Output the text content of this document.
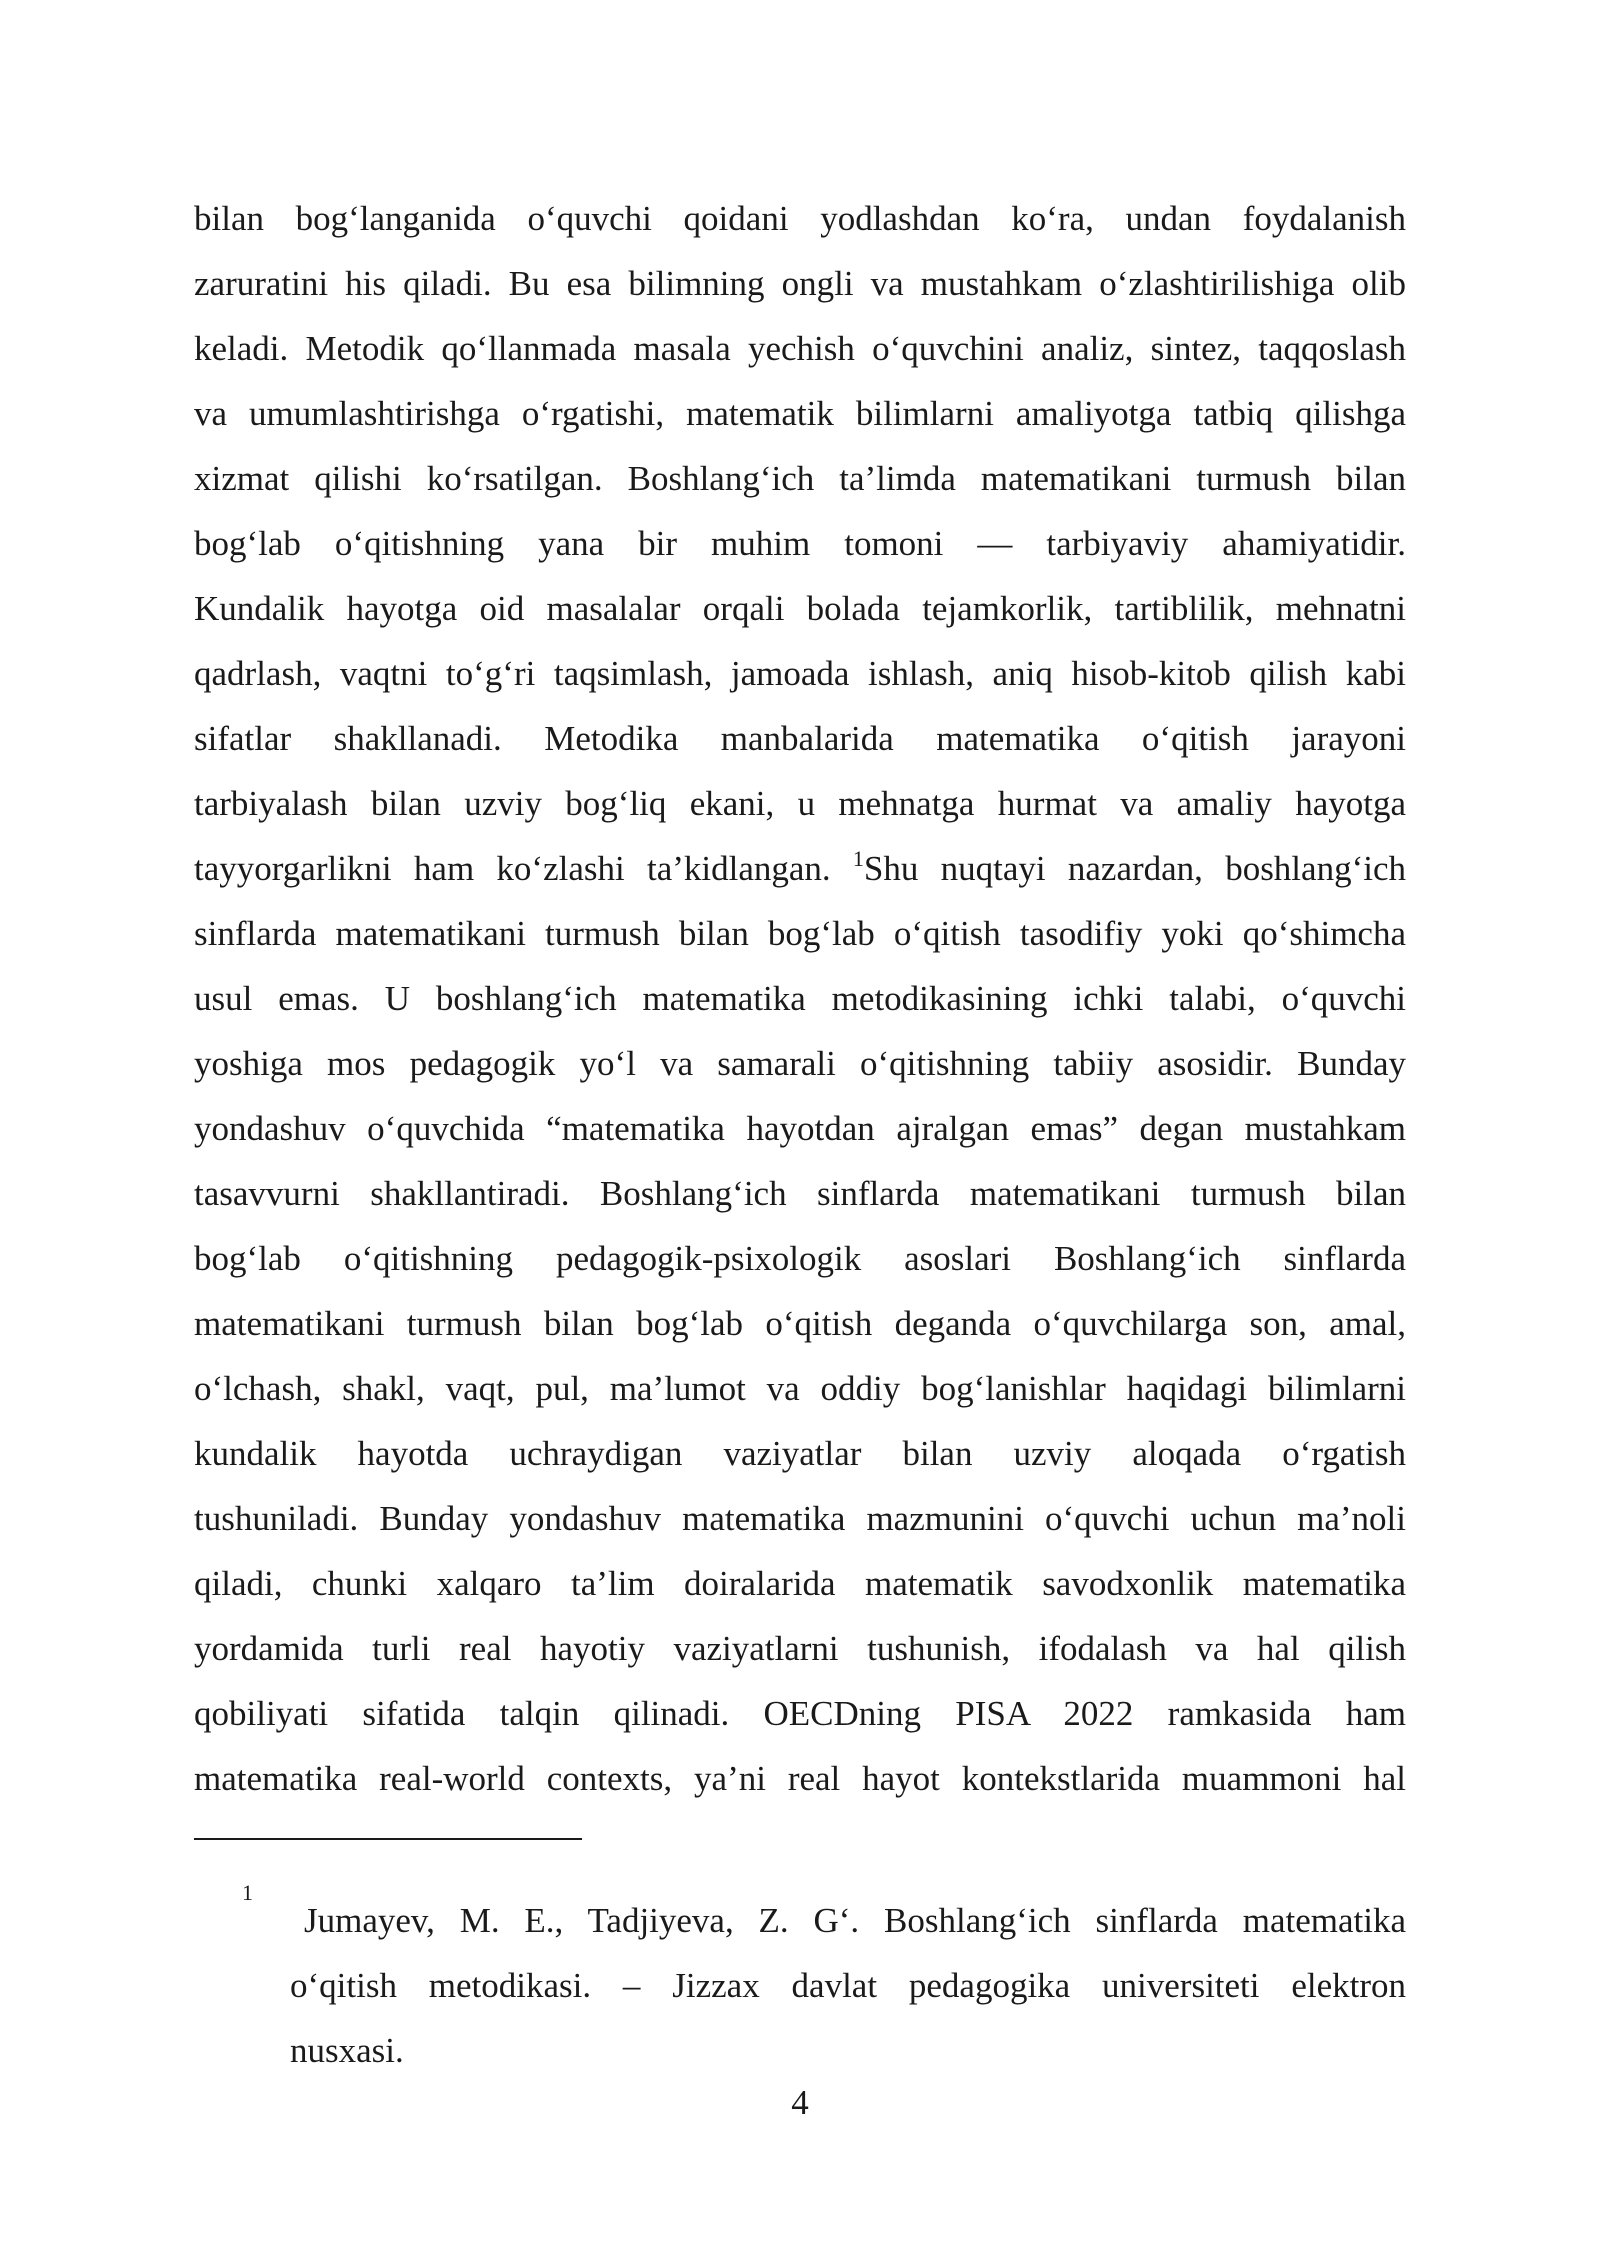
bilan bog‘langanida o‘quvchi qoidani yodlashdan ko‘ra, undan foydalanish
zaruratini his qiladi. Bu esa bilimning ongli va mustahkam o‘zlashtirilishiga olib
keladi. Metodik qo‘llanmada masala yechish o‘quvchini analiz, sintez, taqqoslash
va umumlashtirishga o‘rgatishi, matematik bilimlarni amaliyotga tatbiq qilishga
xizmat qilishi ko‘rsatilgan. Boshlang‘ich ta’limda matematikani turmush bilan
bog‘lab o‘qitishning yana bir muhim tomoni — tarbiyaviy ahamiyatidir.
Kundalik hayotga oid masalalar orqali bolada tejamkorlik, tartiblilik, mehnatni
qadrlash, vaqtni to‘g‘ri taqsimlash, jamoada ishlash, aniq hisob-kitob qilish kabi
sifatlar shakllanadi. Metodika manbalarida matematika o‘qitish jarayoni
tarbiyalash bilan uzviy bog‘liq ekani, u mehnatga hurmat va amaliy hayotga
tayyorgarlikni ham ko‘zlashi ta’kidlangan. $^1$Shu nuqtayi nazardan, boshlang‘ich
sinflarda matematikani turmush bilan bog‘lab o‘qitish tasodifiy yoki qo‘shimcha
usul emas. U boshlang‘ich matematika metodikasining ichki talabi, o‘quvchi
yoshiga mos pedagogik yo‘l va samarali o‘qitishning tabiiy asosidir. Bunday
yondashuv o‘quvchida “matematika hayotdan ajralgan emas” degan mustahkam
tasavvurni shakllantiradi. Boshlang‘ich sinflarda matematikani turmush bilan
bog‘lab o‘qitishning pedagogik-psixologik asoslari Boshlang‘ich sinflarda
matematikani turmush bilan bog‘lab o‘qitish deganda o‘quvchilarga son, amal,
o‘lchash, shakl, vaqt, pul, ma’lumot va oddiy bog‘lanishlar haqidagi bilimlarni
kundalik hayotda uchraydigan vaziyatlar bilan uzviy aloqada o‘rgatish
tushuniladi. Bunday yondashuv matematika mazmunini o‘quvchi uchun ma’noli
qiladi, chunki xalqaro ta’lim doiralarida matematik savodxonlik matematika
yordamida turli real hayotiy vaziyatlarni tushunish, ifodalash va hal qilish
qobiliyati sifatida talqin qilinadi. OECDning PISA 2022 ramkasida ham
matematika real-world contexts, ya’ni real hayot kontekstlarida muammoni hal
1
Jumayev, M. E., Tadjiyeva, Z. G‘. Boshlang‘ich sinflarda matematika
o‘qitish metodikasi. – Jizzax davlat pedagogika universiteti elektron
nusxasi.
4
